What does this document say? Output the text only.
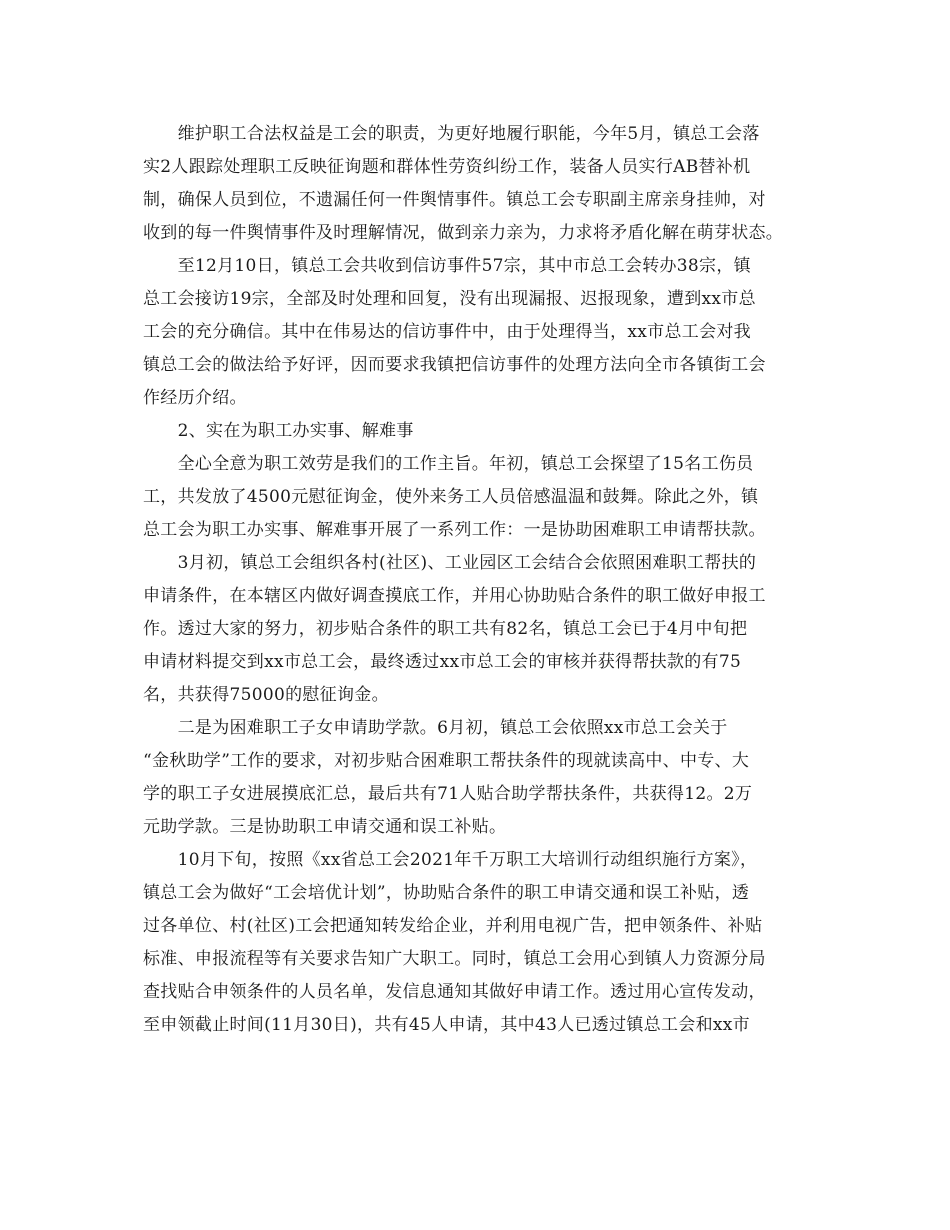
　　维护职工合法权益是工会的职责，为更好地履行职能，今年5月，镇总工会落
实2人跟踪处理职工反映征询题和群体性劳资纠纷工作，装备人员实行AB替补机
制，确保人员到位，不遗漏任何一件舆情事件。镇总工会专职副主席亲身挂帅，对
收到的每一件舆情事件及时理解情况，做到亲力亲为，力求将矛盾化解在萌芽状态。
　　至12月10日，镇总工会共收到信访事件57宗，其中市总工会转办38宗，镇
总工会接访19宗，全部及时处理和回复，没有出现漏报、迟报现象，遭到xx市总
工会的充分确信。其中在伟易达的信访事件中，由于处理得当，xx市总工会对我
镇总工会的做法给予好评，因而要求我镇把信访事件的处理方法向全市各镇街工会
作经历介绍。
　　2、实在为职工办实事、解难事
　　全心全意为职工效劳是我们的工作主旨。年初，镇总工会探望了15名工伤员
工，共发放了4500元慰征询金，使外来务工人员倍感温温和鼓舞。除此之外，镇
总工会为职工办实事、解难事开展了一系列工作：一是协助困难职工申请帮扶款。
　　3月初，镇总工会组织各村(社区)、工业园区工会结合会依照困难职工帮扶的
申请条件，在本辖区内做好调查摸底工作，并用心协助贴合条件的职工做好申报工
作。透过大家的努力，初步贴合条件的职工共有82名，镇总工会已于4月中旬把
申请材料提交到xx市总工会，最终透过xx市总工会的审核并获得帮扶款的有75
名，共获得75000的慰征询金。
　　二是为困难职工子女申请助学款。6月初，镇总工会依照xx市总工会关于
“金秋助学”工作的要求，对初步贴合困难职工帮扶条件的现就读高中、中专、大
学的职工子女进展摸底汇总，最后共有71人贴合助学帮扶条件，共获得12。2万
元助学款。三是协助职工申请交通和误工补贴。
　　10月下旬，按照《xx省总工会2021年千万职工大培训行动组织施行方案》，
镇总工会为做好“工会培优计划”，协助贴合条件的职工申请交通和误工补贴，透
过各单位、村(社区)工会把通知转发给企业，并利用电视广告，把申领条件、补贴
标准、申报流程等有关要求告知广大职工。同时，镇总工会用心到镇人力资源分局
查找贴合申领条件的人员名单，发信息通知其做好申请工作。透过用心宣传发动，
至申领截止时间(11月30日)，共有45人申请，其中43人已透过镇总工会和xx市
